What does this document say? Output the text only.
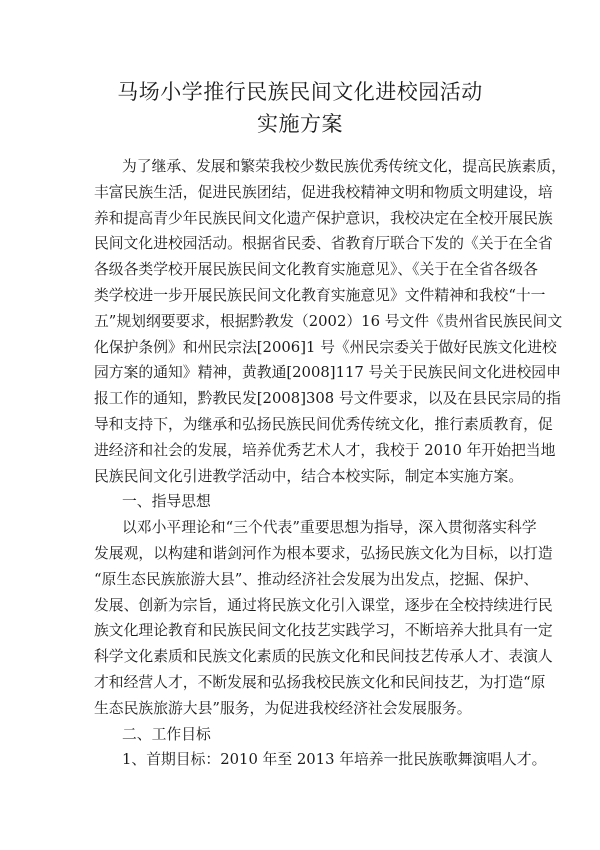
马场小学推行民族民间文化进校园活动
实施方案
为了继承、发展和繁荣我校少数民族优秀传统文化，提高民族素质，
丰富民族生活，促进民族团结，促进我校精神文明和物质文明建设，培
养和提高青少年民族民间文化遗产保护意识，我校决定在全校开展民族
民间文化进校园活动。根据省民委、省教育厅联合下发的《关于在全省
各级各类学校开展民族民间文化教育实施意见》、《关于在全省各级各
类学校进一步开展民族民间文化教育实施意见》文件精神和我校“十一
五”规划纲要要求，根据黔教发（2002）16 号文件《贵州省民族民间文
化保护条例》和州民宗法[2006]1 号《州民宗委关于做好民族文化进校
园方案的通知》精神，黄教通[2008]117 号关于民族民间文化进校园申
报工作的通知，黔教民发[2008]308 号文件要求，以及在县民宗局的指
导和支持下，为继承和弘扬民族民间优秀传统文化，推行素质教育，促
进经济和社会的发展，培养优秀艺术人才，我校于 2010 年开始把当地
民族民间文化引进教学活动中，结合本校实际，制定本实施方案。
一、指导思想
以邓小平理论和“三个代表”重要思想为指导，深入贯彻落实科学
发展观，以构建和谐剑河作为根本要求，弘扬民族文化为目标，以打造
“原生态民族旅游大县”、推动经济社会发展为出发点，挖掘、保护、
发展、创新为宗旨，通过将民族文化引入课堂，逐步在全校持续进行民
族文化理论教育和民族民间文化技艺实践学习，不断培养大批具有一定
科学文化素质和民族文化素质的民族文化和民间技艺传承人才、表演人
才和经营人才，不断发展和弘扬我校民族文化和民间技艺，为打造“原
生态民族旅游大县”服务，为促进我校经济社会发展服务。
二、工作目标
1、首期目标：2010 年至 2013 年培养一批民族歌舞演唱人才。
